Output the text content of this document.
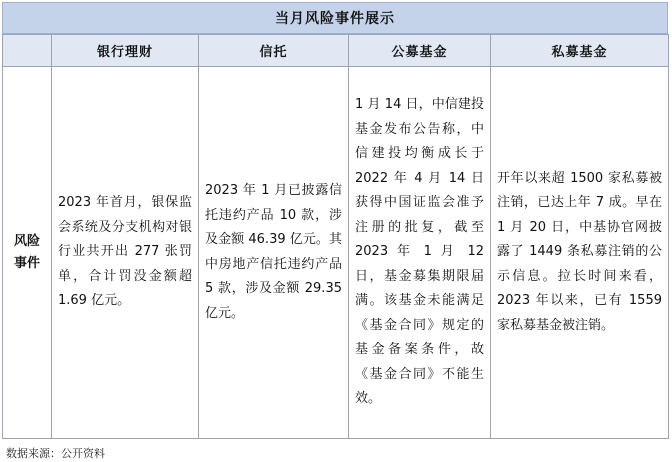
当月风险事件展示
	银行理财	信托	公募基金	私募基金

风险
事件	2023 年首月，银保监会系统及分支机构对银行业共开出 277 张罚单，合计罚没金额超 1.69 亿元。	2023 年 1 月已披露信托违约产品 10 款，涉及金额 46.39 亿元。其中房地产信托违约产品 5 款，涉及金额 29.35 亿元。	1 月 14 日，中信建投基金发布公告称，中信建投均衡成长于 2022 年 4 月 14 日获得中国证监会准予注册的批复，截至 2023 年 1 月 12 日，基金募集期限届满。该基金未能满足《基金合同》规定的基金备案条件，故《基金合同》不能生效。	开年以来超 1500 家私募被注销，已达上年 7 成。早在 1 月 20 日，中基协官网披露了 1449 条私募注销的公示信息。拉长时间来看，2023 年以来，已有 1559 家私募基金被注销。
数据来源：公开资料
